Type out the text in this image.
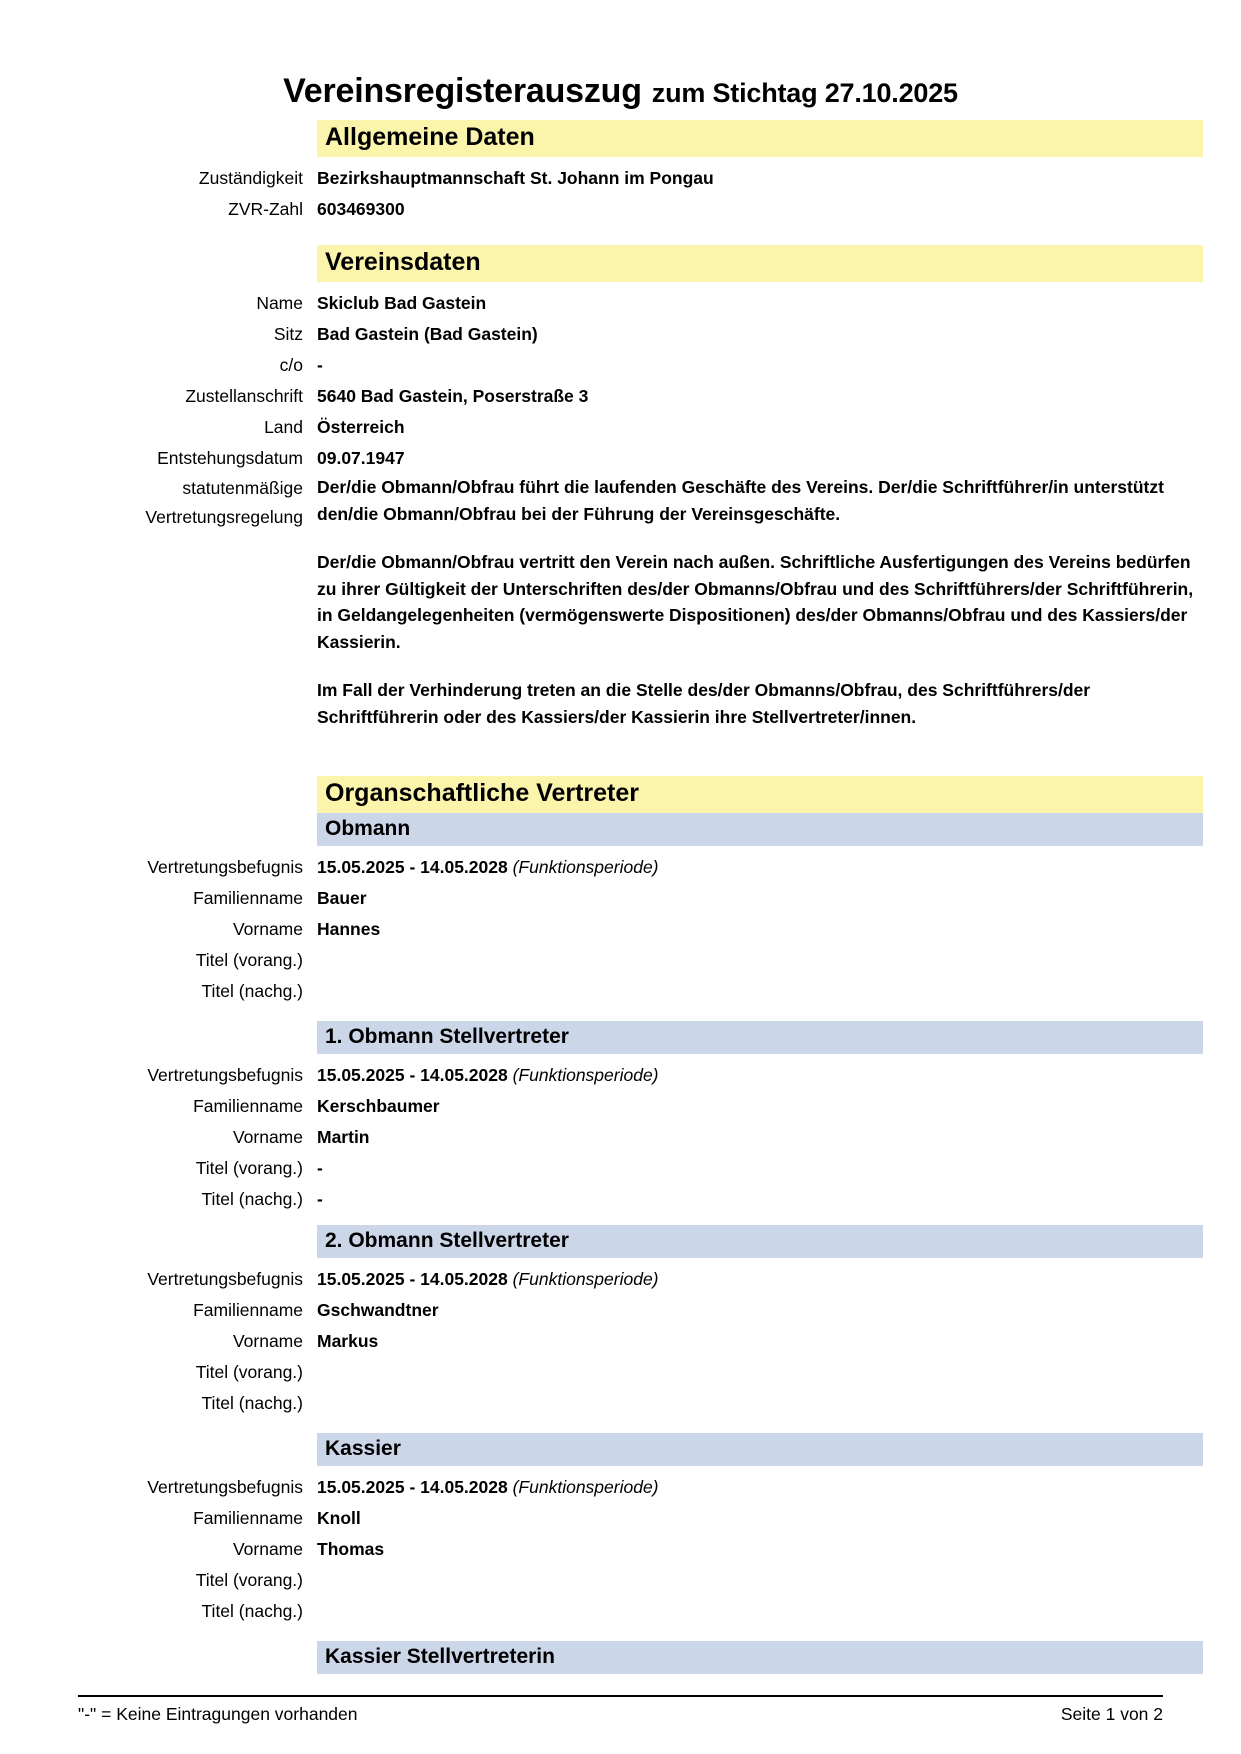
Vereinsregisterauszug zum Stichtag 27.10.2025
Allgemeine Daten
Zuständigkeit Bezirkshauptmannschaft St. Johann im Pongau
ZVR-Zahl 603469300
Vereinsdaten
Name Skiclub Bad Gastein
Sitz Bad Gastein (Bad Gastein)
c/o -
Zustellanschrift 5640 Bad Gastein, Poserstraße 3
Land Österreich
Entstehungsdatum 09.07.1947
statutenmäßige
Vertretungsregelung

Der/die Obmann/Obfrau führt die laufenden Geschäfte des Vereins. Der/die Schriftführer/in unterstützt den/die Obmann/Obfrau bei der Führung der Vereinsgeschäfte.

Der/die Obmann/Obfrau vertritt den Verein nach außen. Schriftliche Ausfertigungen des Vereins bedürfen zu ihrer Gültigkeit der Unterschriften des/der Obmanns/Obfrau und des Schriftführers/der Schriftführerin, in Geldangelegenheiten (vermögenswerte Dispositionen) des/der Obmanns/Obfrau und des Kassiers/der Kassierin.

Im Fall der Verhinderung treten an die Stelle des/der Obmanns/Obfrau, des Schriftführers/der Schriftführerin oder des Kassiers/der Kassierin ihre Stellvertreter/innen.

Organschaftliche Vertreter
Obmann
Vertretungsbefugnis 15.05.2025 - 14.05.2028 (Funktionsperiode)
Familienname Bauer
Vorname Hannes
Titel (vorang.)
Titel (nachg.)
1. Obmann Stellvertreter
Vertretungsbefugnis 15.05.2025 - 14.05.2028 (Funktionsperiode)
Familienname Kerschbaumer
Vorname Martin
Titel (vorang.) -
Titel (nachg.) -
2. Obmann Stellvertreter
Vertretungsbefugnis 15.05.2025 - 14.05.2028 (Funktionsperiode)
Familienname Gschwandtner
Vorname Markus
Titel (vorang.)
Titel (nachg.)
Kassier
Vertretungsbefugnis 15.05.2025 - 14.05.2028 (Funktionsperiode)
Familienname Knoll
Vorname Thomas
Titel (vorang.)
Titel (nachg.)
Kassier Stellvertreterin
"-" = Keine Eintragungen vorhanden	Seite 1 von 2
